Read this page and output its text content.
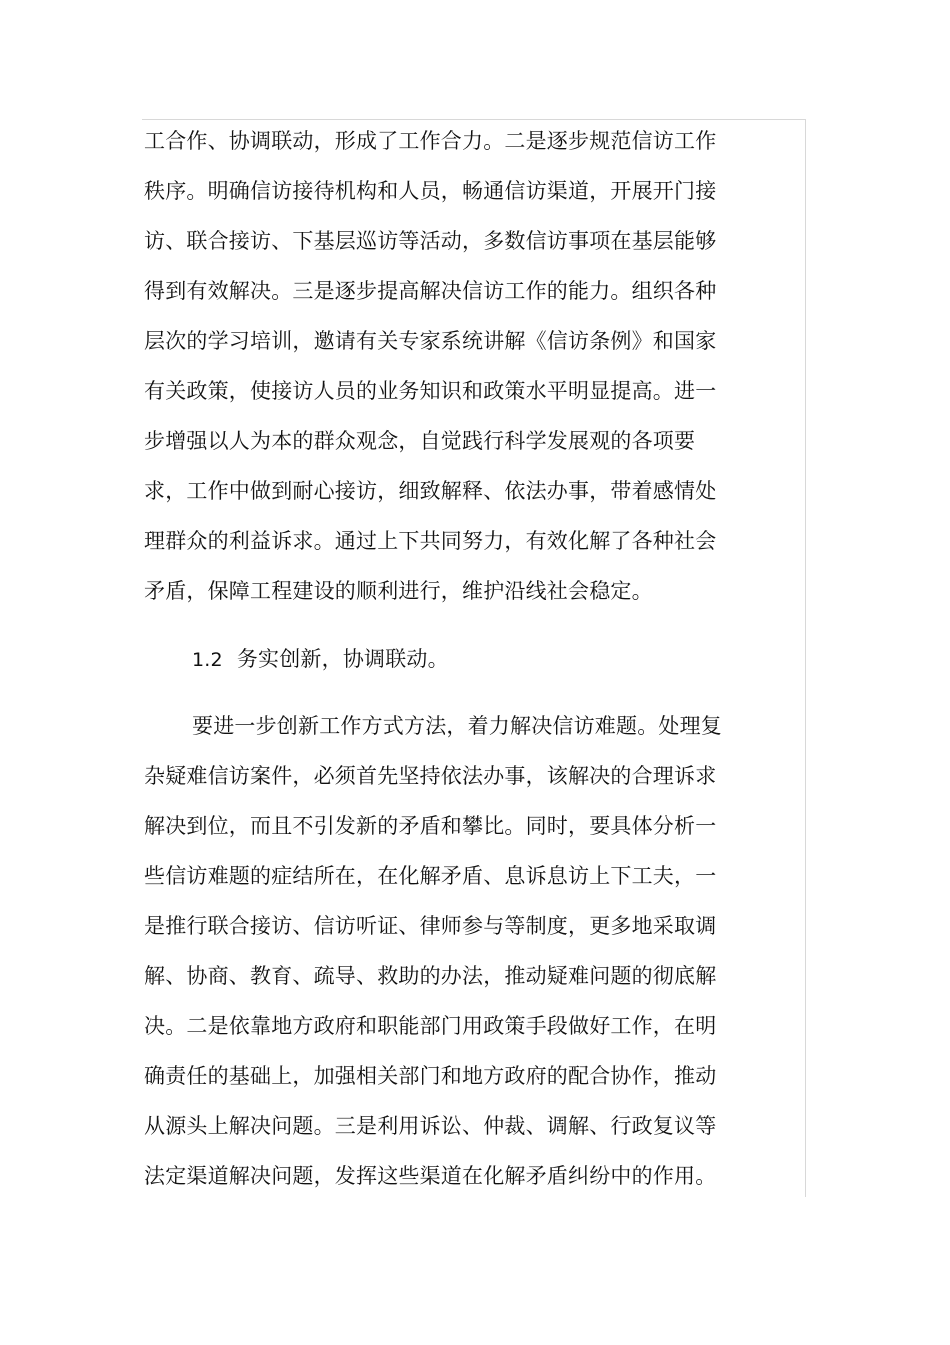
工合作、协调联动，形成了工作合力。二是逐步规范信访工作
秩序。明确信访接待机构和人员，畅通信访渠道，开展开门接
访、联合接访、下基层巡访等活动，多数信访事项在基层能够
得到有效解决。三是逐步提高解决信访工作的能力。组织各种
层次的学习培训，邀请有关专家系统讲解《信访条例》和国家
有关政策，使接访人员的业务知识和政策水平明显提高。进一
步增强以人为本的群众观念，自觉践行科学发展观的各项要
求，工作中做到耐心接访，细致解释、依法办事，带着感情处
理群众的利益诉求。通过上下共同努力，有效化解了各种社会
矛盾，保障工程建设的顺利进行，维护沿线社会稳定。
1.2 务实创新，协调联动。
要进一步创新工作方式方法，着力解决信访难题。处理复
杂疑难信访案件，必须首先坚持依法办事，该解决的合理诉求
解决到位，而且不引发新的矛盾和攀比。同时，要具体分析一
些信访难题的症结所在，在化解矛盾、息诉息访上下工夫，一
是推行联合接访、信访听证、律师参与等制度，更多地采取调
解、协商、教育、疏导、救助的办法，推动疑难问题的彻底解
决。二是依靠地方政府和职能部门用政策手段做好工作，在明
确责任的基础上，加强相关部门和地方政府的配合协作，推动
从源头上解决问题。三是利用诉讼、仲裁、调解、行政复议等
法定渠道解决问题，发挥这些渠道在化解矛盾纠纷中的作用。
